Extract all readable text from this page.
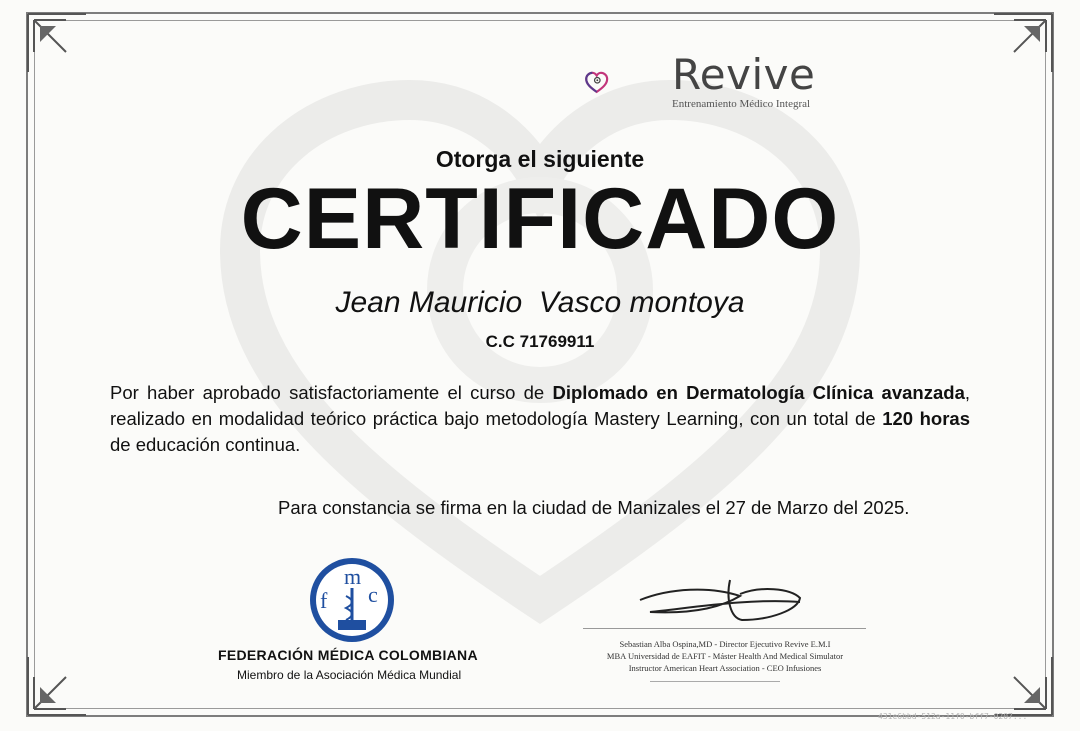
Revive
Entrenamiento Médico Integral
Otorga el siguiente
CERTIFICADO
Jean Mauricio  Vasco montoya
C.C 71769911
Por haber aprobado satisfactoriamente el curso de Diplomado en Dermatología Clínica avanzada, realizado en modalidad teórico práctica bajo metodología Mastery Learning, con un total de 120 horas de educación continua.
Para constancia se firma en la ciudad de Manizales el 27 de Marzo del 2025.
m
f c
FEDERACIÓN MÉDICA COLOMBIANA
Miembro de la Asociación Médica Mundial
Sebastian Alba Ospina,MD - Director Ejecutivo Revive E.M.I
MBA Universidad de EAFIT - Máster Health And Medical Simulator
Instructor American Heart Association - CEO Infusiones
431e6bbd-512a-11f0-bff7-0207...
